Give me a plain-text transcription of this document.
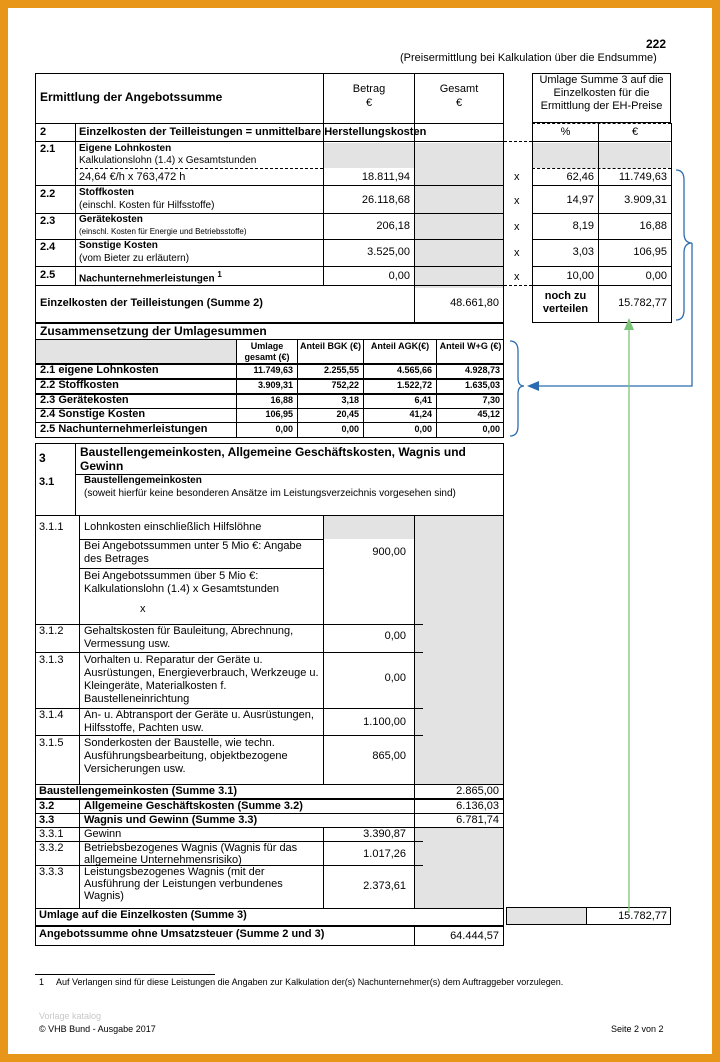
222
(Preisermittlung bei Kalkulation über die Endsumme)
Ermittlung der Angebotssumme
Betrag
€
Gesamt
€
Umlage Summe 3 auf die Einzelkosten für die Ermittlung der EH-Preise
%	€
2	Einzelkosten der Teilleistungen = unmittelbare Herstellungskosten
2.1 Eigene Lohnkosten
Kalkulationslohn (1.4) x Gesamtstunden
24,64 €/h x 763,472 h	18.811,94	x	62,46	11.749,63
2.2 Stoffkosten
(einschl. Kosten für Hilfsstoffe)	26.118,68	x	14,97	3.909,31
2.3 Gerätekosten
(einschl. Kosten für Energie und Betriebsstoffe)	206,18	x	8,19	16,88
2.4 Sonstige Kosten
(vom Bieter zu erläutern)
3.525,00	x	3,03	106,95
2.5 Nachunternehmerleistungen $^1$	0,00	x	10,00	0,00
Einzelkosten der Teilleistungen (Summe 2)	48.661,80
noch zu verteilen	15.782,77
Zusammensetzung der Umlagesummen
Umlage gesamt (€)
Anteil BGK (€)	Anteil AGK(€)	Anteil W+G (€)
2.1 eigene Lohnkosten	11.749,63	2.255,55	4.565,66	4.928,73
2.2 Stoffkosten	3.909,31	752,22	1.522,72	1.635,03
2.3 Gerätekosten	16,88	3,18	6,41	7,30
2.4 Sonstige Kosten	106,95	20,45	41,24	45,12
2.5 Nachunternehmerleistungen	0,00	0,00	0,00	0,00
3	Baustellengemeinkosten, Allgemeine Geschäftskosten, Wagnis und Gewinn
3.1	Baustellengemeinkosten
(soweit hierfür keine besonderen Ansätze im Leistungsverzeichnis vorgesehen sind)
3.1.1 Lohnkosten einschließlich Hilfslöhne
Bei Angebotssummen unter 5 Mio €: Angabe des Betrages
900,00
Bei Angebotssummen über 5 Mio €: Kalkulationslohn (1.4) x Gesamtstunden
x
3.1.2 Gehaltskosten für Bauleitung, Abrechnung, Vermessung usw.
0,00
3.1.3 Vorhalten u. Reparatur der Geräte u. Ausrüstungen, Energieverbrauch, Werkzeuge u. Kleingeräte, Materialkosten f. Baustelleneinrichtung
0,00
3.1.4 An- u. Abtransport der Geräte u. Ausrüstungen, Hilfsstoffe, Pachten usw.	1.100,00
3.1.5 Sonderkosten der Baustelle, wie techn. Ausführungsbearbeitung, objektbezogene Versicherungen usw.
865,00
Baustellengemeinkosten (Summe 3.1)	2.865,00
3.2	Allgemeine Geschäftskosten (Summe 3.2)	6.136,03
3.3	Wagnis und Gewinn (Summe 3.3)	6.781,74
3.3.1 Gewinn	3.390,87
3.3.2 Betriebsbezogenes Wagnis (Wagnis für das allgemeine Unternehmensrisiko)	1.017,26
3.3.3 Leistungsbezogenes Wagnis (mit der Ausführung der Leistungen verbundenes Wagnis)
2.373,61
Umlage auf die Einzelkosten (Summe 3)	15.782,77
Angebotssumme ohne Umsatzsteuer (Summe 2 und 3)	64.444,57
1 Auf Verlangen sind für diese Leistungen die Angaben zur Kalkulation der(s) Nachunternehmer(s) dem Auftraggeber vorzulegen.
Vorlage katalog
© VHB Bund - Ausgabe 2017	Seite 2 von 2
